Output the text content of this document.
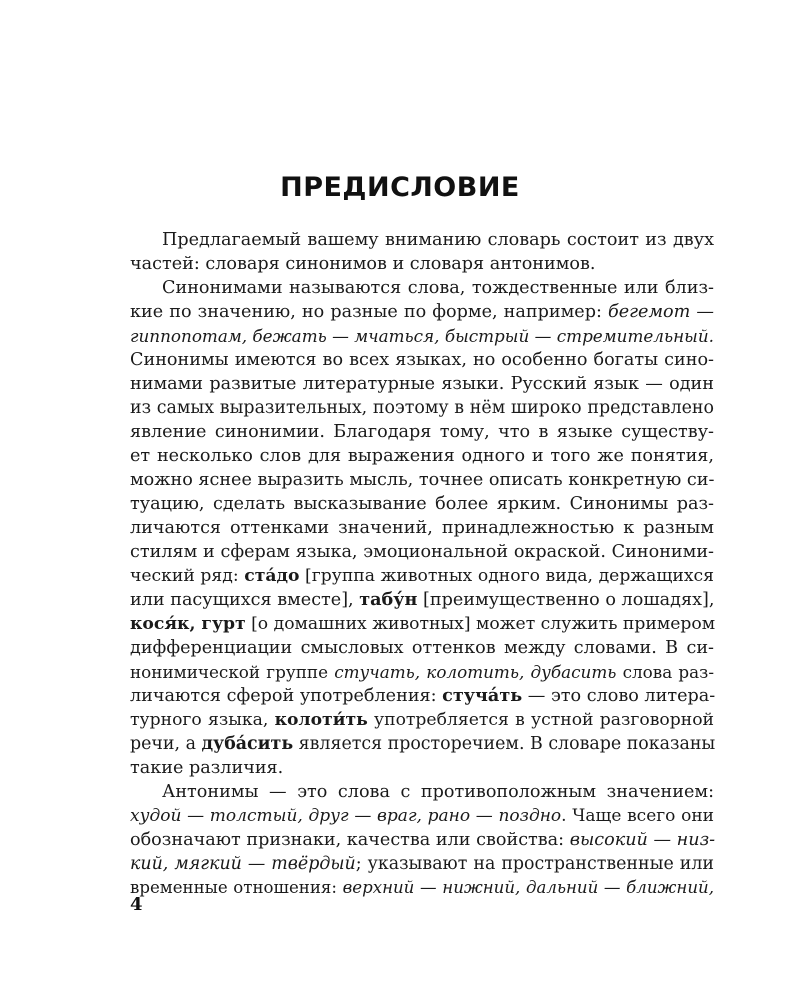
ПРЕДИСЛОВИЕ
Предлагаемый вашему вниманию словарь состоит из двух
частей: словаря синонимов и словаря антонимов.
Синонимами называются слова, тождественные или близ-
кие по значению, но разные по форме, например: бегемот —
гиппопотам, бежать — мчаться, быстрый — стремительный.
Синонимы имеются во всех языках, но особенно богаты сино-
нимами развитые литературные языки. Русский язык — один
из самых выразительных, поэтому в нём широко представлено
явление синонимии. Благодаря тому, что в языке существу-
ет несколько слов для выражения одного и того же понятия,
можно яснее выразить мысль, точнее описать конкретную си-
туацию, сделать высказывание более ярким. Синонимы раз-
личаются оттенками значений, принадлежностью к разным
стилям и сферам языка, эмоциональной окраской. Синоними-
ческий ряд: ста́до [группа животных одного вида, держащихся
или пасущихся вместе], табу́н [преимущественно о лошадях],
кося́к, гурт [о домашних животных] может служить примером
дифференциации смысловых оттенков между словами. В си-
нонимической группе стучать, колотить, дубасить слова раз-
личаются сферой употребления: стуча́ть — это слово литера-
турного языка, колоти́ть употребляется в устной разговорной
речи, а дуба́сить является просторечием. В словаре показаны
такие различия.
Антонимы — это слова с противоположным значением:
худой — толстый, друг — враг, рано — поздно. Чаще всего они
обозначают признаки, качества или свойства: высокий — низ-
кий, мягкий — твёрдый; указывают на пространственные или
временные отношения: верхний — нижний, дальний — ближний,
4
